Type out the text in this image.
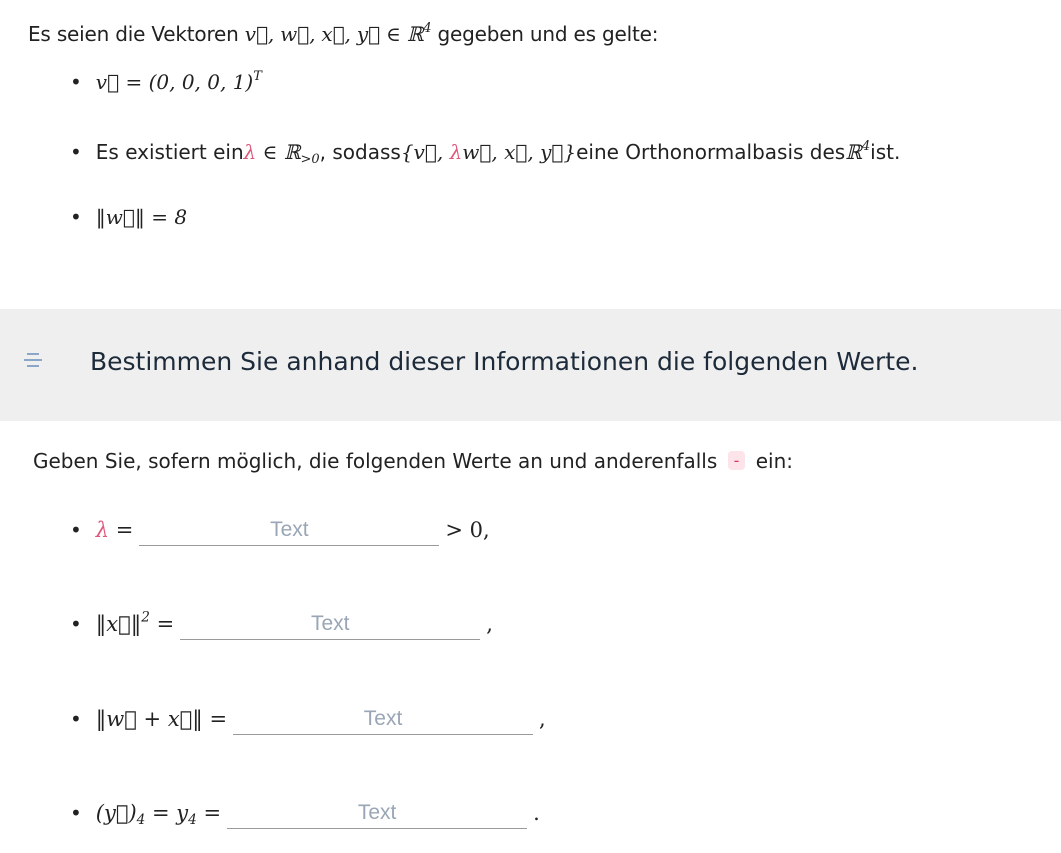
Es seien die Vektoren v⃗, w⃗, x⃗, y⃗ ∈ ℝ$^4$ gegeben und es gelte:
• v⃗ = (0, 0, 0, 1)$^T$
• Es existiert ein λ ∈ ℝ$_{>0}$ , sodass {v⃗, λw⃗, x⃗, y⃗} eine Orthonormalbasis des ℝ$^4$ ist.
• ‖w⃗‖ = 8
Bestimmen Sie anhand dieser Informationen die folgenden Werte.
Geben Sie, sofern möglich, die folgenden Werte an und anderenfalls - ein:
• λ =
Text	> 0,
• ‖x⃗‖$^2$ =
Text	,
• ‖w⃗ + x⃗‖ =
Text	,
• $(y⃗)_4 = y_4$ =
Text	.
